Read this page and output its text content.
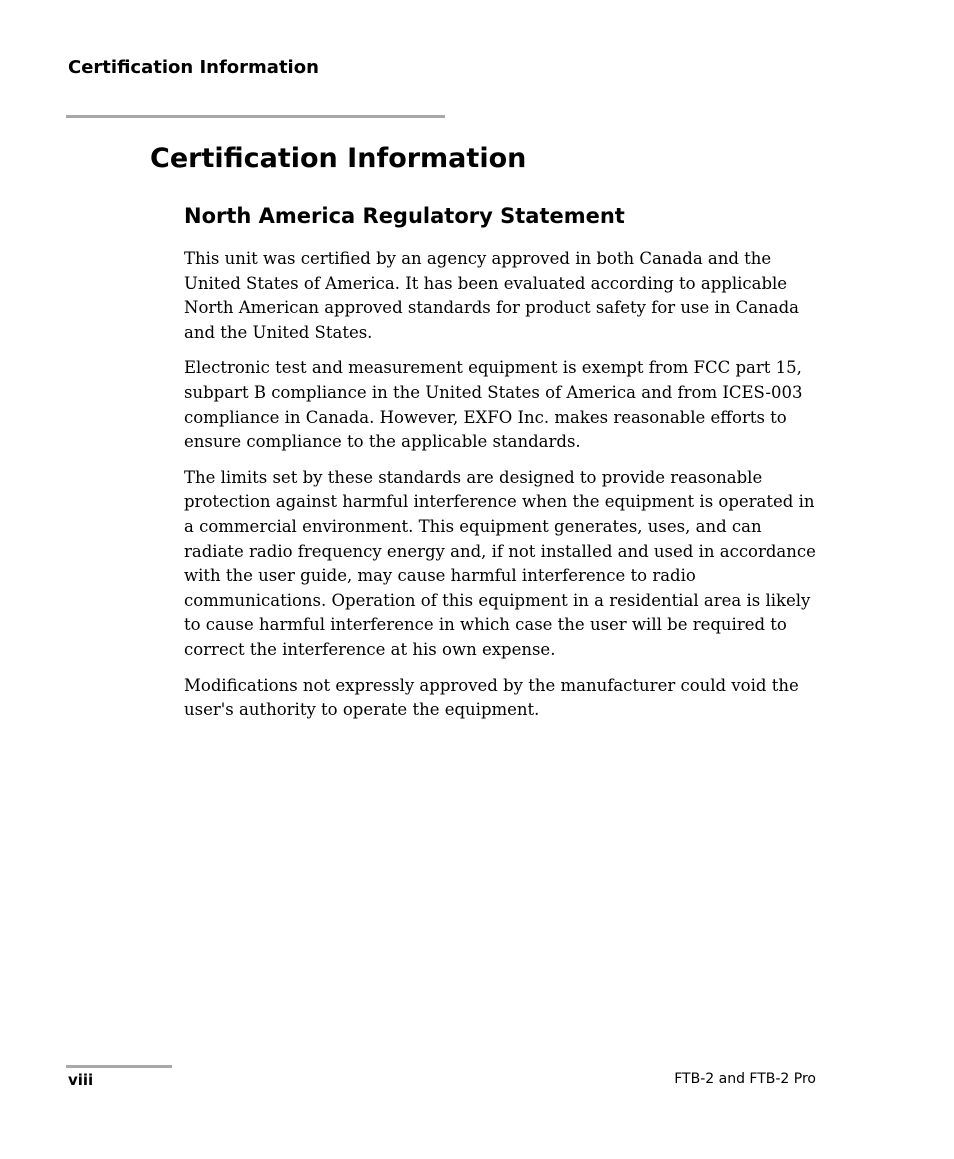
Certification Information
Certification Information
North America Regulatory Statement

This unit was certified by an agency approved in both Canada and the United States of America. It has been evaluated according to applicable North American approved standards for product safety for use in Canada and the United States.

Electronic test and measurement equipment is exempt from FCC part 15, subpart B compliance in the United States of America and from ICES-003 compliance in Canada. However, EXFO Inc. makes reasonable efforts to ensure compliance to the applicable standards.

The limits set by these standards are designed to provide reasonable protection against harmful interference when the equipment is operated in a commercial environment. This equipment generates, uses, and can radiate radio frequency energy and, if not installed and used in accordance with the user guide, may cause harmful interference to radio communications. Operation of this equipment in a residential area is likely to cause harmful interference in which case the user will be required to correct the interference at his own expense.

Modifications not expressly approved by the manufacturer could void the user's authority to operate the equipment.

viii	FTB-2 and FTB-2 Pro
